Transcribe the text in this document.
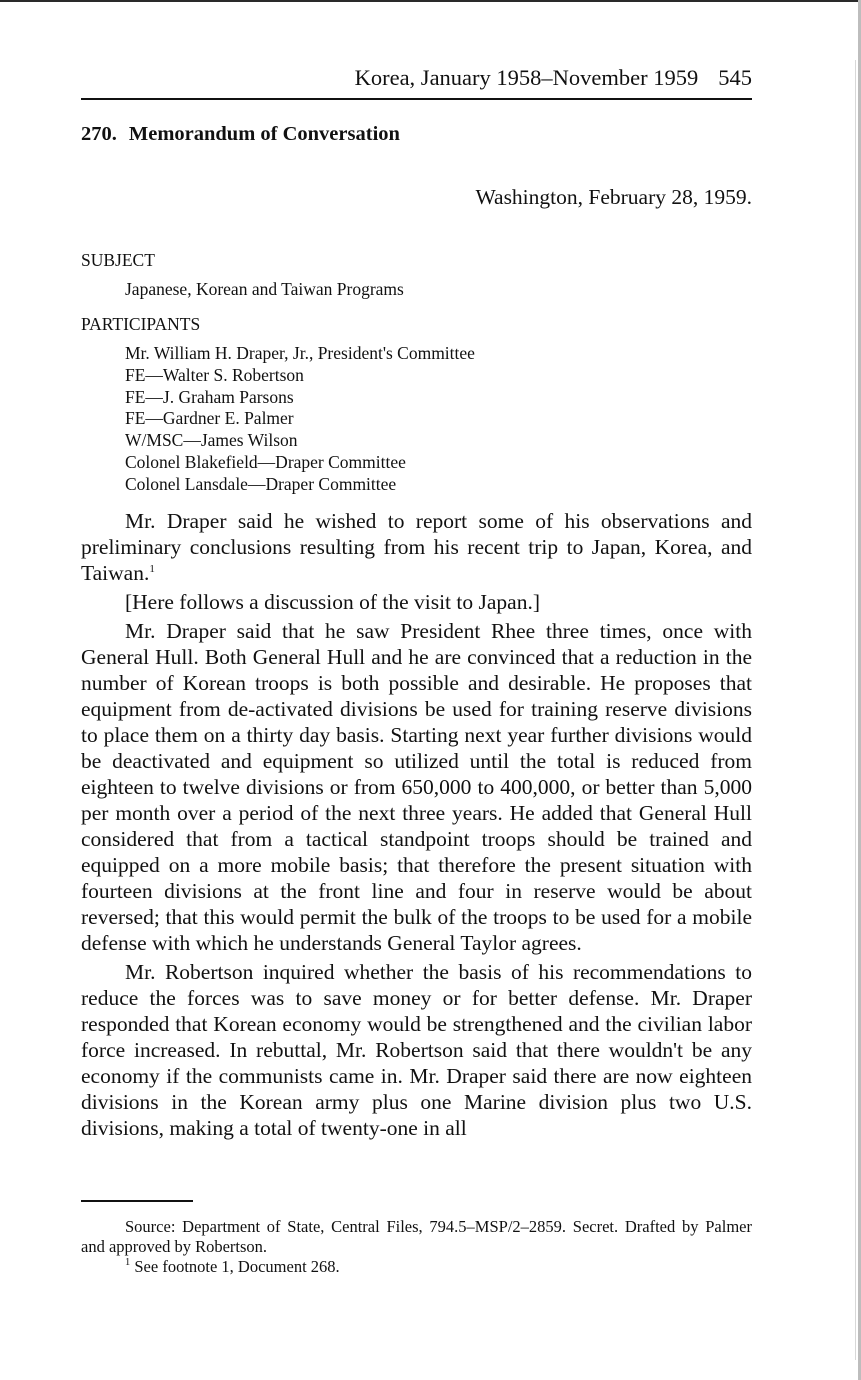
Korea, January 1958–November 1959 545
270. Memorandum of Conversation
Washington, February 28, 1959.
SUBJECT
Japanese, Korean and Taiwan Programs
PARTICIPANTS
Mr. William H. Draper, Jr., President's Committee
FE—Walter S. Robertson
FE—J. Graham Parsons
FE—Gardner E. Palmer
W/MSC—James Wilson
Colonel Blakefield—Draper Committee
Colonel Lansdale—Draper Committee

Mr. Draper said he wished to report some of his observations and preliminary conclusions resulting from his recent trip to Japan, Korea, and Taiwan.$^1$

[Here follows a discussion of the visit to Japan.]

Mr. Draper said that he saw President Rhee three times, once with General Hull. Both General Hull and he are convinced that a reduction in the number of Korean troops is both possible and desirable. He proposes that equipment from de-activated divisions be used for training reserve divisions to place them on a thirty day basis. Starting next year further divisions would be deactivated and equipment so utilized until the total is reduced from eighteen to twelve divisions or from 650,000 to 400,000, or better than 5,000 per month over a period of the next three years. He added that General Hull considered that from a tactical standpoint troops should be trained and equipped on a more mobile basis; that therefore the present situation with fourteen divisions at the front line and four in reserve would be about reversed; that this would permit the bulk of the troops to be used for a mobile defense with which he understands General Taylor agrees.

Mr. Robertson inquired whether the basis of his recommendations to reduce the forces was to save money or for better defense. Mr. Draper responded that Korean economy would be strengthened and the civilian labor force increased. In rebuttal, Mr. Robertson said that there wouldn't be any economy if the communists came in. Mr. Draper said there are now eighteen divisions in the Korean army plus one Marine division plus two U.S. divisions, making a total of twenty-one in all

Source: Department of State, Central Files, 794.5–MSP/2–2859. Secret. Drafted by Palmer and approved by Robertson.

$^1$ See footnote 1, Document 268.
